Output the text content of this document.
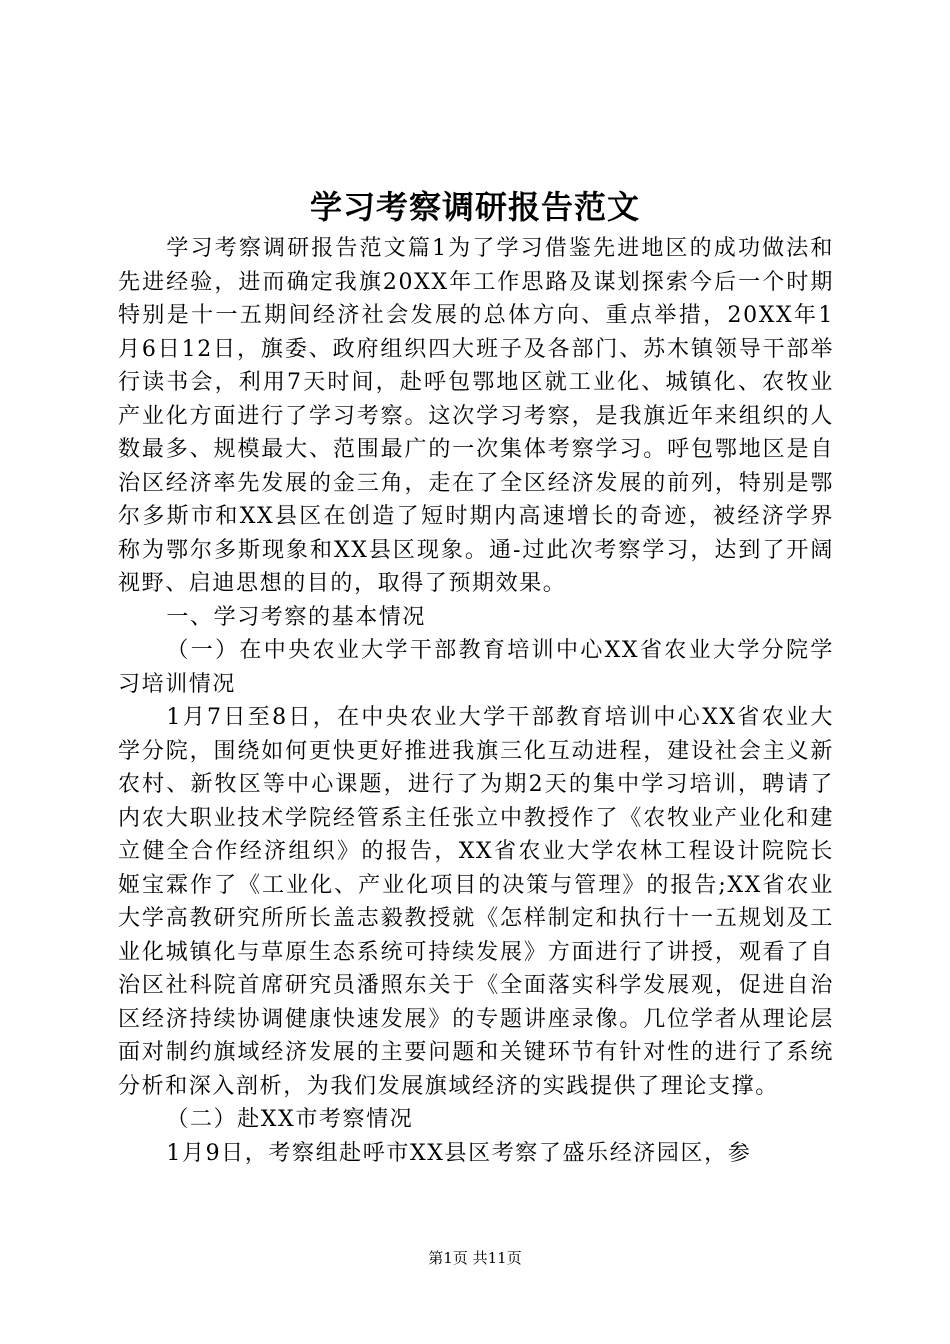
学习考察调研报告范文

学习考察调研报告范文篇1为了学习借鉴先进地区的成功做法和先进经验，进而确定我旗20XX年工作思路及谋划探索今后一个时期特别是十一五期间经济社会发展的总体方向、重点举措，20XX年1月6日12日，旗委、政府组织四大班子及各部门、苏木镇领导干部举行读书会，利用7天时间，赴呼包鄂地区就工业化、城镇化、农牧业产业化方面进行了学习考察。这次学习考察，是我旗近年来组织的人数最多、规模最大、范围最广的一次集体考察学习。呼包鄂地区是自治区经济率先发展的金三角，走在了全区经济发展的前列，特别是鄂尔多斯市和XX县区在创造了短时期内高速增长的奇迹，被经济学界称为鄂尔多斯现象和XX县区现象。通-过此次考察学习，达到了开阔视野、启迪思想的目的，取得了预期效果。

一、学习考察的基本情况

（一）在中央农业大学干部教育培训中心XX省农业大学分院学习培训情况

1月7日至8日，在中央农业大学干部教育培训中心XX省农业大学分院，围绕如何更快更好推进我旗三化互动进程，建设社会主义新农村、新牧区等中心课题，进行了为期2天的集中学习培训，聘请了内农大职业技术学院经管系主任张立中教授作了《农牧业产业化和建立健全合作经济组织》的报告，XX省农业大学农林工程设计院院长姬宝霖作了《工业化、产业化项目的决策与管理》的报告;XX省农业大学高教研究所所长盖志毅教授就《怎样制定和执行十一五规划及工业化城镇化与草原生态系统可持续发展》方面进行了讲授，观看了自治区社科院首席研究员潘照东关于《全面落实科学发展观，促进自治区经济持续协调健康快速发展》的专题讲座录像。几位学者从理论层面对制约旗域经济发展的主要问题和关键环节有针对性的进行了系统分析和深入剖析，为我们发展旗域经济的实践提供了理论支撑。

（二）赴XX市考察情况

1月9日，考察组赴呼市XX县区考察了盛乐经济园区，参

第1页 共11页
